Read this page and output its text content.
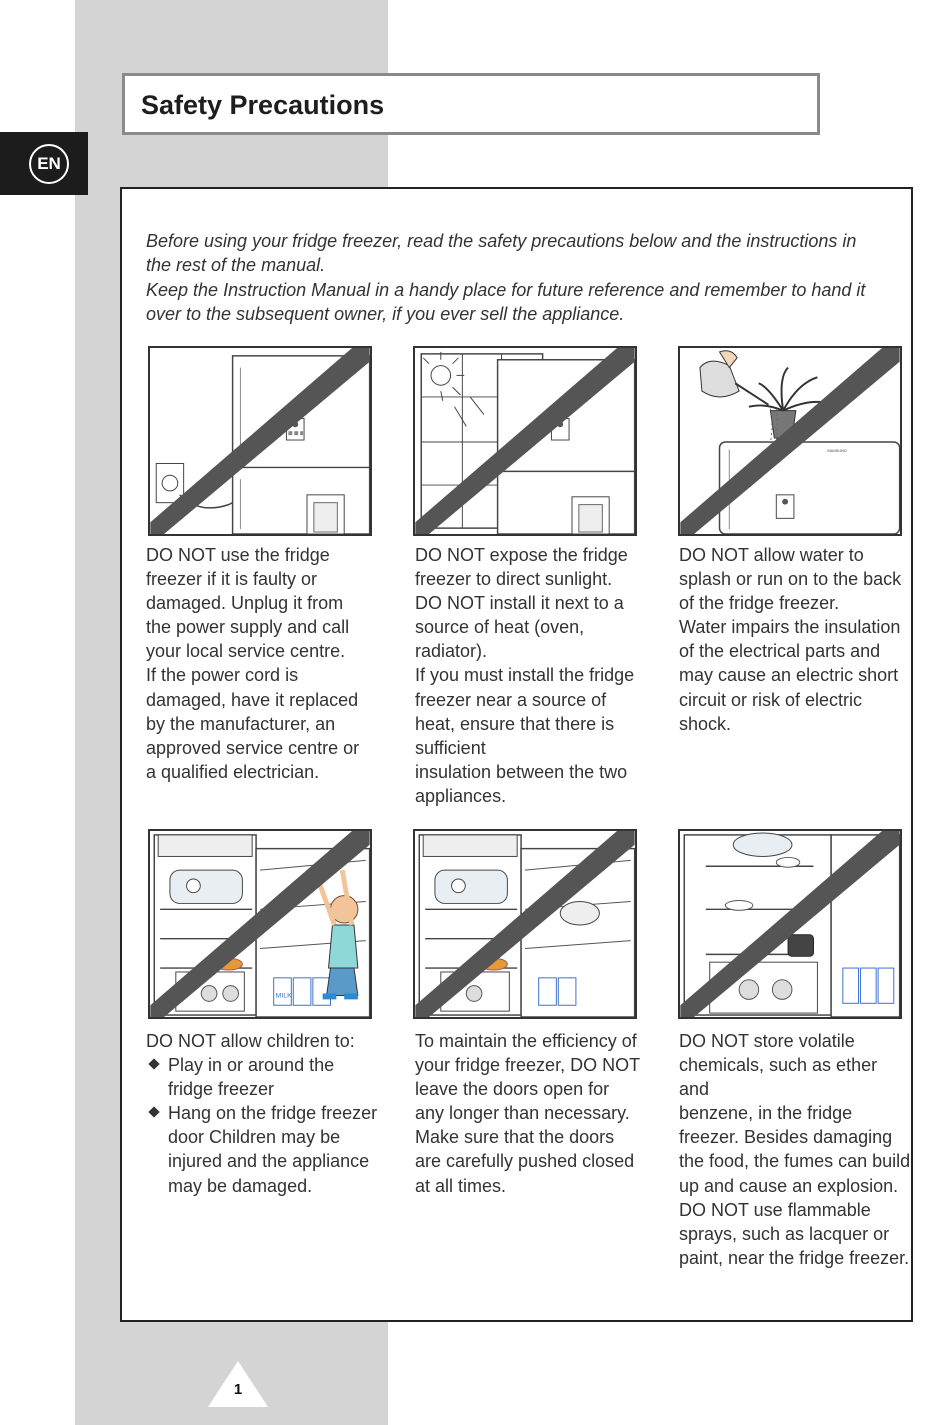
Safety Precautions
EN

Before using your fridge freezer, read the safety precautions below and the instructions in the rest of the manual.

Keep the Instruction Manual in a handy place for future reference and remember to hand it over to the subsequent owner, if you ever sell the appliance.

SAMSUNG

DO NOT use the fridge

freezer if it is faulty or

damaged. Unplug it from

the power supply and call

your local service centre.

If the power cord is

damaged, have it replaced

by the manufacturer, an

approved service centre or

a qualified electrician.

DO NOT expose the fridge

freezer to direct sunlight.

DO NOT install it next to a

source of heat (oven,

radiator).

If you must install the fridge

freezer near a source of

heat, ensure that there is

sufficient

insulation between the two

appliances.

DO NOT allow water to

splash or run on to the back

of the fridge freezer.

Water impairs the insulation

of the electrical parts and

may cause an electric short

circuit or risk of electric

shock.

MILK

DO NOT allow children to:

Play in or around the
fridge freezer
Hang on the fridge freezer
door Children may be
injured and the appliance
may be damaged.

To maintain the efficiency of

your fridge freezer, DO NOT

leave the doors open for

any longer than necessary.

Make sure that the doors

are carefully pushed closed

at all times.

DO NOT store volatile

chemicals, such as ether and

benzene, in the fridge

freezer. Besides damaging

the food, the fumes can build

up and cause an explosion.

DO NOT use flammable

sprays, such as lacquer or

paint, near the fridge freezer.

1
